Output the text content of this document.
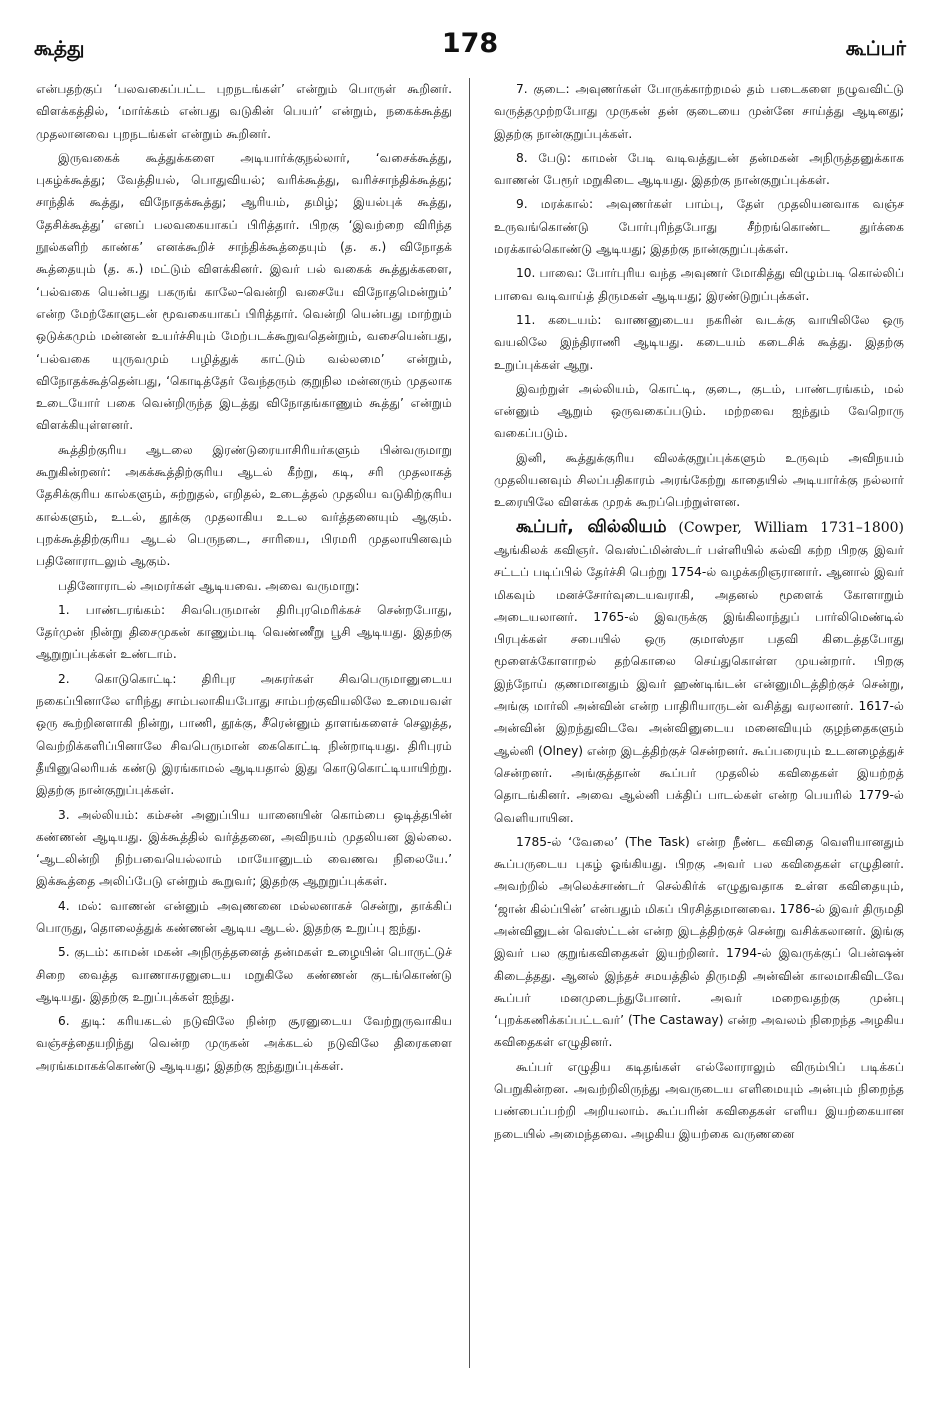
கூத்து	178	கூப்பர்

என்பதற்குப் ‘பலவகைப்பட்ட புறநடங்கள்’ என்றும் பொருள் கூறினர். விளக்கத்தில், ‘மார்க்கம் என்பது வடுகின் பெயர்’ என்றும், நகைக்கூத்து முதலானவை புறநடங்கள் என்றும் கூறினர்.

இருவகைக் கூத்துக்களை அடியார்க்குநல்லார், ‘வசைக்கூத்து, புகழ்க்கூத்து; வேத்தியல், பொதுவியல்; வரிக்கூத்து, வரிச்சாந்திக்கூத்து; சாந்திக் கூத்து, விநோதக்கூத்து; ஆரியம், தமிழ்; இயல்புக் கூத்து, தேசிக்கூத்து’ எனப் பலவகையாகப் பிரித்தார். பிறகு ‘இவற்றை விரிந்த நூல்களிற் காண்க’ எனக்கூறிச் சாந்திக்கூத்தையும் (த. க.) விநோதக் கூத்தையும் (த. க.) மட்டும் விளக்கினர். இவர் பல் வகைக் கூத்துக்களை, ‘பல்வகை யென்பது பகருங் காலே–வென்றி வசையே விநோதமென்றும்’ என்ற மேற்கோளுடன் மூவகையாகப் பிரித்தார். வென்றி யென்பது மாற்றும் ஒடுக்கமும் மன்னன் உயர்ச்சியும் மேற்படக்கூறுவதென்றும், வசையென்பது, ‘பல்வகை யுருவமும் பழித்துக் காட்டும் வல்லமை’ என்றும், விநோதக்கூத்தென்பது, ‘கொடித்தேர் வேந்தரும் குறுநில மன்னரும் முதலாக உடையோர் பகை வென்றிருந்த இடத்து விநோதங்காணும் கூத்து’ என்றும் விளக்கியுள்ளனர்.

கூத்திற்குரிய ஆடலை இரண்டுரையாசிரியர்களும் பின்வருமாறு கூறுகின்றனர்: அகக்கூத்திற்குரிய ஆடல் கீற்று, கடி, சரி முதலாகத் தேசிக்குரிய கால்களும், சுற்றுதல், எறிதல், உடைத்தல் முதலிய வடுகிற்குரிய கால்களும், உடல், தூக்கு முதலாகிய உடல வர்த்தனையும் ஆகும். புறக்கூத்திற்குரிய ஆடல் பெருநடை, சாரியை, பிரமரி முதலாயினவும் பதினோராடலும் ஆகும்.

பதினோராடல் அமரர்கள் ஆடியவை. அவை வருமாறு:

1. பாண்டரங்கம்: சிவபெருமான் திரிபுரமெரிக்கச் சென்றபோது, தேர்முன் நின்று திசைமுகன் காணும்படி வெண்ணீறு பூசி ஆடியது. இதற்கு ஆறுறுப்புக்கள் உண்டாம்.

2. கொடுகொட்டி: திரிபுர அசுரர்கள் சிவபெருமானுடைய நகைப்பினாலே எரிந்து சாம்பலாகியபோது சாம்பற்குவியலிலே உமையவள் ஒரு கூற்றினளாகி நின்று, பாணி, தூக்கு, சீரென்னும் தாளங்களைச் செலுத்த, வெற்றிக்களிப்பினாலே சிவபெருமான் கைகொட்டி நின்றாடியது. திரிபுரம் தீயினுலெரியக் கண்டு இரங்காமல் ஆடியதால் இது கொடுகொட்டியாயிற்று. இதற்கு நான்குறுப்புக்கள்.

3. அல்லியம்: கம்சன் அனுப்பிய யானையின் கொம்பை ஒடித்தபின் கண்ணன் ஆடியது. இக்கூத்தில் வர்த்தனை, அவிநயம் முதலியன இல்லை. ‘ஆடலின்றி நிற்பவையெல்லாம் மாயோனுடம் வைணவ நிலையே.’ இக்கூத்தை அலிப்பேடு என்றும் கூறுவர்; இதற்கு ஆறுறுப்புக்கள்.

4. மல்: வாணன் என்னும் அவுணனை மல்லனாகச் சென்று, தாக்கிப் பொருது, தொலைத்துக் கண்ணன் ஆடிய ஆடல். இதற்கு உறுப்பு ஐந்து.

5. குடம்: காமன் மகன் அநிருத்தனைத் தன்மகள் உழையின் பொருட்டுச் சிறை வைத்த வாணாசுரனுடைய மறுகிலே கண்ணன் குடங்கொண்டு ஆடியது. இதற்கு உறுப்புக்கள் ஐந்து.

6. துடி: கரியகடல் நடுவிலே நின்ற சூரனுடைய வேற்றுருவாகிய வஞ்சத்தையறிந்து வென்ற முருகன் அக்கடல் நடுவிலே திரைகளை அரங்கமாகக்கொண்டு ஆடியது; இதற்கு ஐந்துறுப்புக்கள்.

7. குடை: அவுணர்கள் போருக்காற்றமல் தம் படைகளை நழுவவிட்டு வருத்தமுற்றபோது முருகன் தன் குடையை முன்னே சாய்த்து ஆடினது; இதற்கு நான்குறுப்புக்கள்.

8. பேடு: காமன் பேடி வடிவத்துடன் தன்மகன் அநிருத்தனுக்காக வாணன் பேரூர் மறுகிடை ஆடியது. இதற்கு நான்குறுப்புக்கள்.

9. மரக்கால்: அவுணர்கள் பாம்பு, தேள் முதலியனவாக வஞ்ச உருவங்கொண்டு போர்புரிந்தபோது சீற்றங்கொண்ட துர்க்கை மரக்கால்கொண்டு ஆடியது; இதற்கு நான்குறுப்புக்கள்.

10. பாவை: போர்புரிய வந்த அவுணர் மோகித்து விழும்படி கொல்லிப் பாவை வடிவாய்த் திருமகள் ஆடியது; இரண்டுறுப்புக்கள்.

11. கடையம்: வாணனுடைய நகரின் வடக்கு வாயிலிலே ஒரு வயலிலே இந்திராணி ஆடியது. கடையம் கடைசிக் கூத்து. இதற்கு உறுப்புக்கள் ஆறு.

இவற்றுள் அல்லியம், கொட்டி, குடை, குடம், பாண்டரங்கம், மல் என்னும் ஆறும் ஒருவகைப்படும். மற்றவை ஐந்தும் வேறொரு வகைப்படும்.

இனி, கூத்துக்குரிய விலக்குறுப்புக்களும் உருவும் அவிநயம் முதலியனவும் சிலப்பதிகாரம் அரங்கேற்று காதையில் அடியார்க்கு நல்லார் உரையிலே விளக்க முறக் கூறப்பெற்றுள்ளன.

கூப்பர், வில்லியம் (Cowper, William 1731–1800) ஆங்கிலக் கவிஞர். வெஸ்ட்மின்ஸ்டர் பள்ளியில் கல்வி கற்ற பிறகு இவர் சட்டப் படிப்பில் தேர்ச்சி பெற்று 1754-ல் வழக்கறிஞரானார். ஆனால் இவர் மிகவும் மனச்சோர்வுடையவராகி, அதனல் மூளைக் கோளாறும் அடையலானர். 1765-ல் இவருக்கு இங்கிலாந்துப் பார்லிமெண்டில் பிரபுக்கள் சபையில் ஒரு குமாஸ்தா பதவி கிடைத்தபோது மூளைக்கோளாறல் தற்கொலை செய்துகொள்ள முயன்றார். பிறகு இந்நோய் குணமானதும் இவர் ஹண்டிங்டன் என்னுமிடத்திற்குச் சென்று, அங்கு மார்லி அன்வின் என்ற பாதிரியாருடன் வசித்து வரலானர். 1617-ல் அன்வின் இறந்துவிடவே அன்வினுடைய மனைவியும் குழந்தைகளும் ஆல்னி (Olney) என்ற இடத்திற்குச் சென்றனர். கூப்பரையும் உடனழைத்துச் சென்றனர். அங்குத்தான் கூப்பர் முதலில் கவிதைகள் இயற்றத் தொடங்கினர். அவை ஆல்னி பக்திப் பாடல்கள் என்ற பெயரில் 1779-ல் வெளியாயின.

1785-ல் ‘வேலை’ (The Task) என்ற நீண்ட கவிதை வெளியானதும் கூப்பருடைய புகழ் ஓங்கியது. பிறகு அவர் பல கவிதைகள் எழுதினர். அவற்றில் அலெக்சாண்டர் செல்கிர்க் எழுதுவதாக உள்ள கவிதையும், ‘ஜான் கில்ப்பின்’ என்பதும் மிகப் பிரசித்தமானவை. 1786-ல் இவர் திருமதி அன்வினுடன் வெஸ்ட்டன் என்ற இடத்திற்குச் சென்று வசிக்கலானர். இங்கு இவர் பல குறுங்கவிதைகள் இயற்றினர். 1794-ல் இவருக்குப் பென்ஷன் கிடைத்தது. ஆனல் இந்தச் சமயத்தில் திருமதி அன்வின் காலமாகிவிடவே கூப்பர் மனமுடைந்துபோனர். அவர் மறைவதற்கு முன்பு ‘புறக்கணிக்கப்பட்டவர்’ (The Castaway) என்ற அவலம் நிறைந்த அழகிய கவிதைகள் எழுதினர்.

கூப்பர் எழுதிய கடிதங்கள் எல்லோராலும் விரும்பிப் படிக்கப் பெறுகின்றன. அவற்றிலிருந்து அவருடைய எளிமையும் அன்பும் நிறைந்த பண்பைப்பற்றி அறியலாம். கூப்பரின் கவிதைகள் எளிய இயற்கையான நடையில் அமைந்தவை. அழகிய இயற்கை வருணனை
